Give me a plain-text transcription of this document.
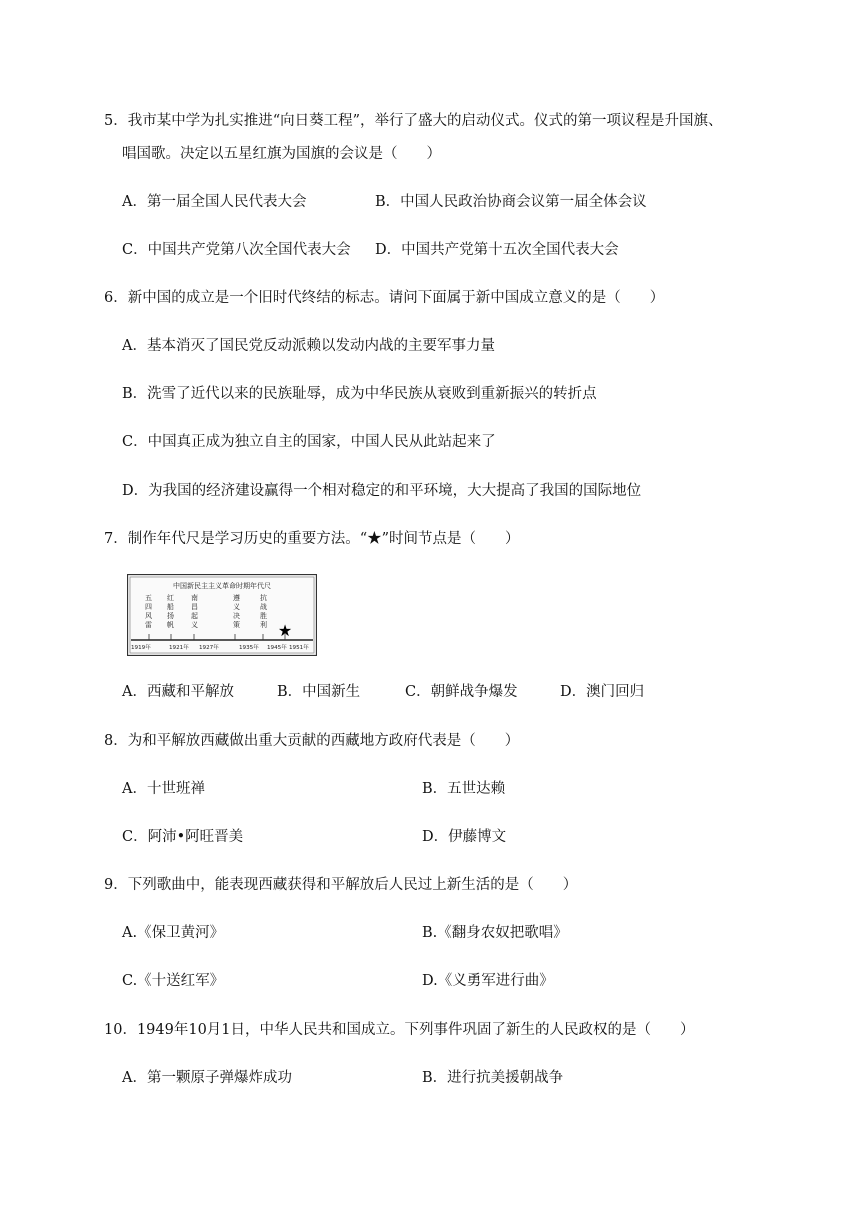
5．我市某中学为扎实推进“向日葵工程”，举行了盛大的启动仪式。仪式的第一项议程是升国旗、
唱国歌。决定以五星红旗为国旗的会议是（　　）
A．第一届全国人民代表大会	B．中国人民政治协商会议第一届全体会议
C．中国共产党第八次全国代表大会 D．中国共产党第十五次全国代表大会
6．新中国的成立是一个旧时代终结的标志。请问下面属于新中国成立意义的是（　　）
A．基本消灭了国民党反动派赖以发动内战的主要军事力量
B．洗雪了近代以来的民族耻辱，成为中华民族从衰败到重新振兴的转折点
C．中国真正成为独立自主的国家，中国人民从此站起来了
D．为我国的经济建设赢得一个相对稳定的和平环境，大大提高了我国的国际地位
7．制作年代尺是学习历史的重要方法。“★”时间节点是（　　）
中国新民主主义革命时期年代尺
五四风雷
红船扬帆
南昌起义
遵义决策
抗战胜利
1919年	1921年 1927年	1935年 1945年 1951年
★
A．西藏和平解放	B．中国新生	C．朝鲜战争爆发	D．澳门回归
8．为和平解放西藏做出重大贡献的西藏地方政府代表是（　　）
A．十世班禅	B．五世达赖
C．阿沛•阿旺晋美	D．伊藤博文
9．下列歌曲中，能表现西藏获得和平解放后人民过上新生活的是（　　）
A.《保卫黄河》	B.《翻身农奴把歌唱》
C.《十送红军》	D.《义勇军进行曲》
10．1949年10月1日，中华人民共和国成立。下列事件巩固了新生的人民政权的是（　　）
A．第一颗原子弹爆炸成功	B．进行抗美援朝战争
